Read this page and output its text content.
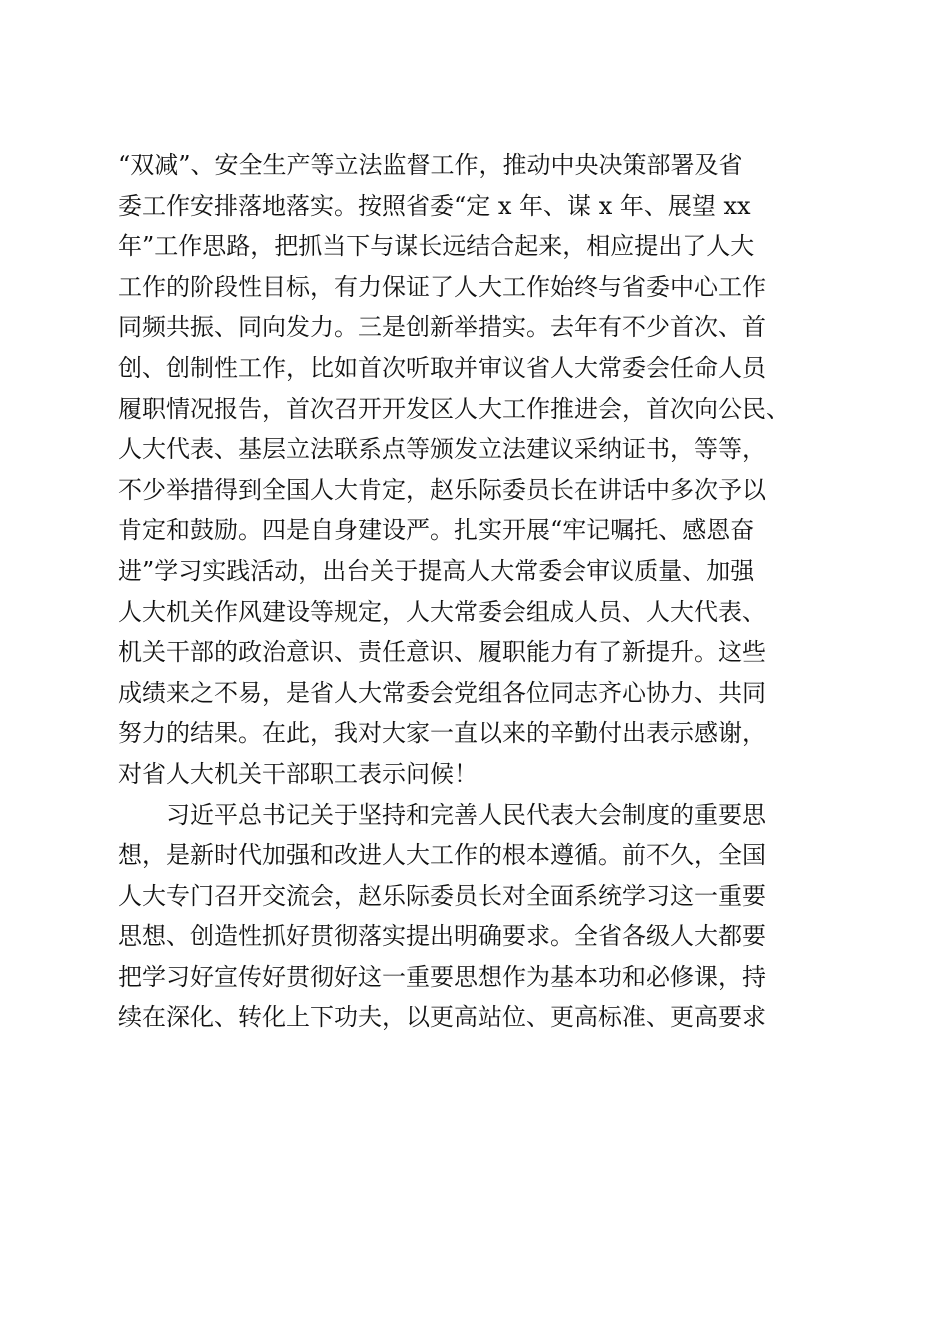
“双减”、安全生产等立法监督工作，推动中央决策部署及省
委工作安排落地落实。按照省委“定 x 年、谋 x 年、展望 xx
年”工作思路，把抓当下与谋长远结合起来，相应提出了人大
工作的阶段性目标，有力保证了人大工作始终与省委中心工作
同频共振、同向发力。三是创新举措实。去年有不少首次、首
创、创制性工作，比如首次听取并审议省人大常委会任命人员
履职情况报告，首次召开开发区人大工作推进会，首次向公民、
人大代表、基层立法联系点等颁发立法建议采纳证书，等等，
不少举措得到全国人大肯定，赵乐际委员长在讲话中多次予以
肯定和鼓励。四是自身建设严。扎实开展“牢记嘱托、感恩奋
进”学习实践活动，出台关于提高人大常委会审议质量、加强
人大机关作风建设等规定，人大常委会组成人员、人大代表、
机关干部的政治意识、责任意识、履职能力有了新提升。这些
成绩来之不易，是省人大常委会党组各位同志齐心协力、共同
努力的结果。在此，我对大家一直以来的辛勤付出表示感谢，
对省人大机关干部职工表示问候！
习近平总书记关于坚持和完善人民代表大会制度的重要思
想，是新时代加强和改进人大工作的根本遵循。前不久，全国
人大专门召开交流会，赵乐际委员长对全面系统学习这一重要
思想、创造性抓好贯彻落实提出明确要求。全省各级人大都要
把学习好宣传好贯彻好这一重要思想作为基本功和必修课，持
续在深化、转化上下功夫，以更高站位、更高标准、更高要求
